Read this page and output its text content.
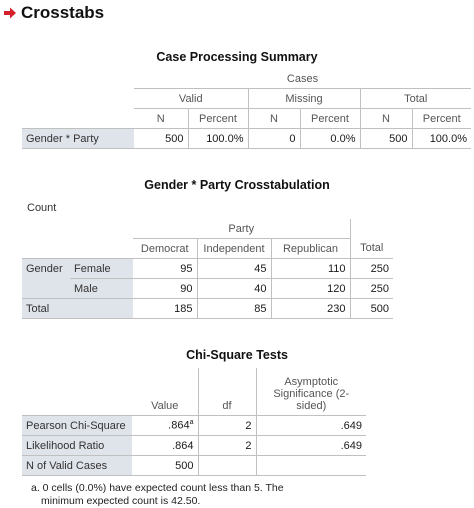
Crosstabs
Case Processing Summary
	Cases					
	Valid		Missing		Total	
	N	Percent	N	Percent	N	Percent
Gender * Party	500	100.0%	0	0.0%	500	100.0%
Gender * Party Crosstabulation
Count
		Party			
		Democrat	Independent	Republican	Total
Gender	Female	95	45	110	250
	Male	90	40	120	250
Total		185	85	230	500
Chi-Square Tests
	Value	df	Asymptotic Significance (2-sided)
Pearson Chi-Square	.864$^a$	2	.649
Likelihood Ratio	.864	2	.649
N of Valid Cases	500		
a. 0 cells (0.0%) have expected count less than 5. The
minimum expected count is 42.50.
